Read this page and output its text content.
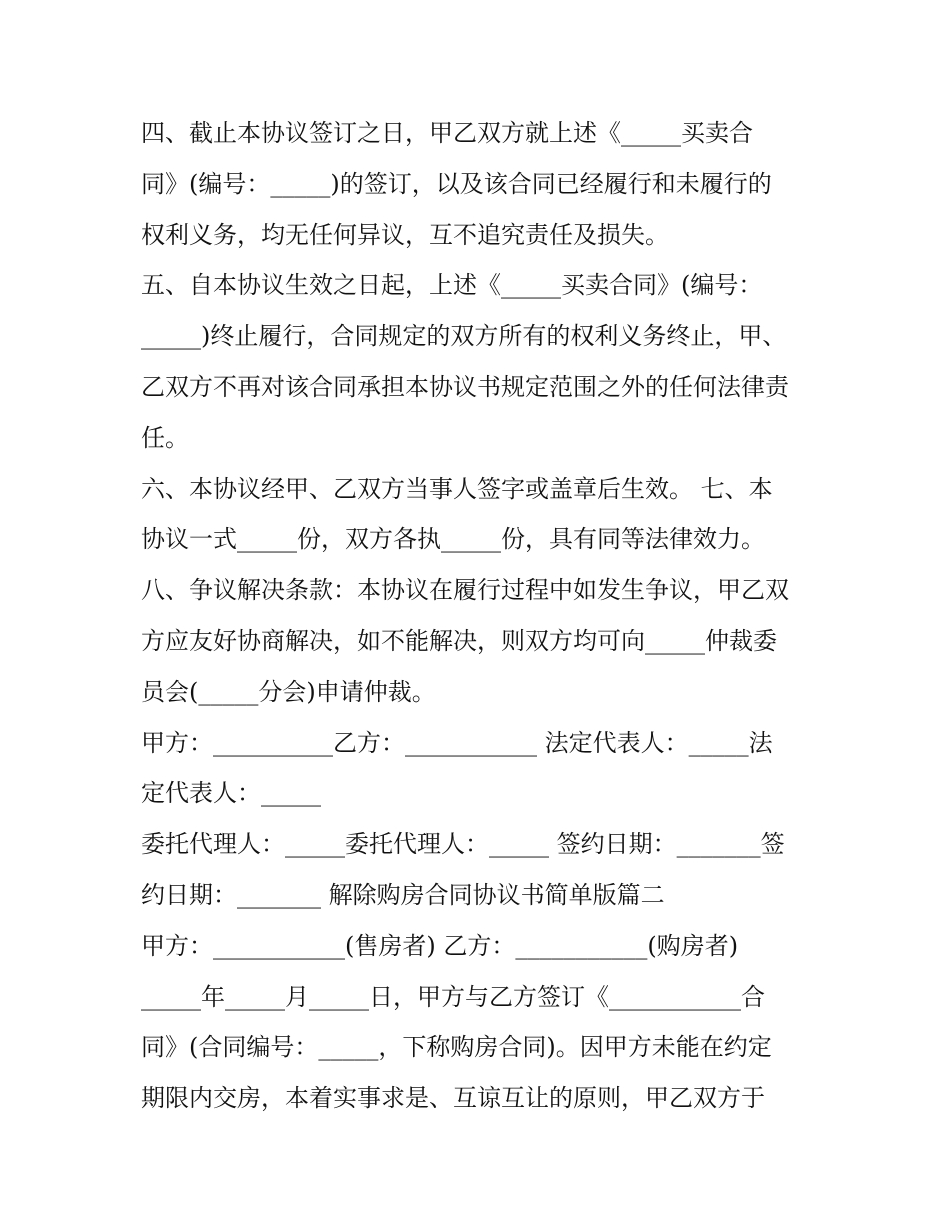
四、截止本协议签订之日，甲乙双方就上述《_____买卖合
同》(编号：_____)的签订，以及该合同已经履行和未履行的
权利义务，均无任何异议，互不追究责任及损失。
五、自本协议生效之日起，上述《_____买卖合同》(编号：
_____)终止履行，合同规定的双方所有的权利义务终止，甲、
乙双方不再对该合同承担本协议书规定范围之外的任何法律责
任。
六、本协议经甲、乙双方当事人签字或盖章后生效。 七、本
协议一式_____份，双方各执_____份，具有同等法律效力。
八、争议解决条款：本协议在履行过程中如发生争议，甲乙双
方应友好协商解决，如不能解决，则双方均可向_____仲裁委
员会(_____分会)申请仲裁。
甲方：__________乙方：___________ 法定代表人：_____法
定代表人：_____
委托代理人：_____委托代理人：_____ 签约日期：_______签
约日期：_______ 解除购房合同协议书简单版篇二
甲方：___________(售房者) 乙方：___________(购房者)
_____年_____月_____日，甲方与乙方签订《___________合
同》(合同编号：_____，下称购房合同)。因甲方未能在约定
期限内交房，本着实事求是、互谅互让的原则，甲乙双方于
